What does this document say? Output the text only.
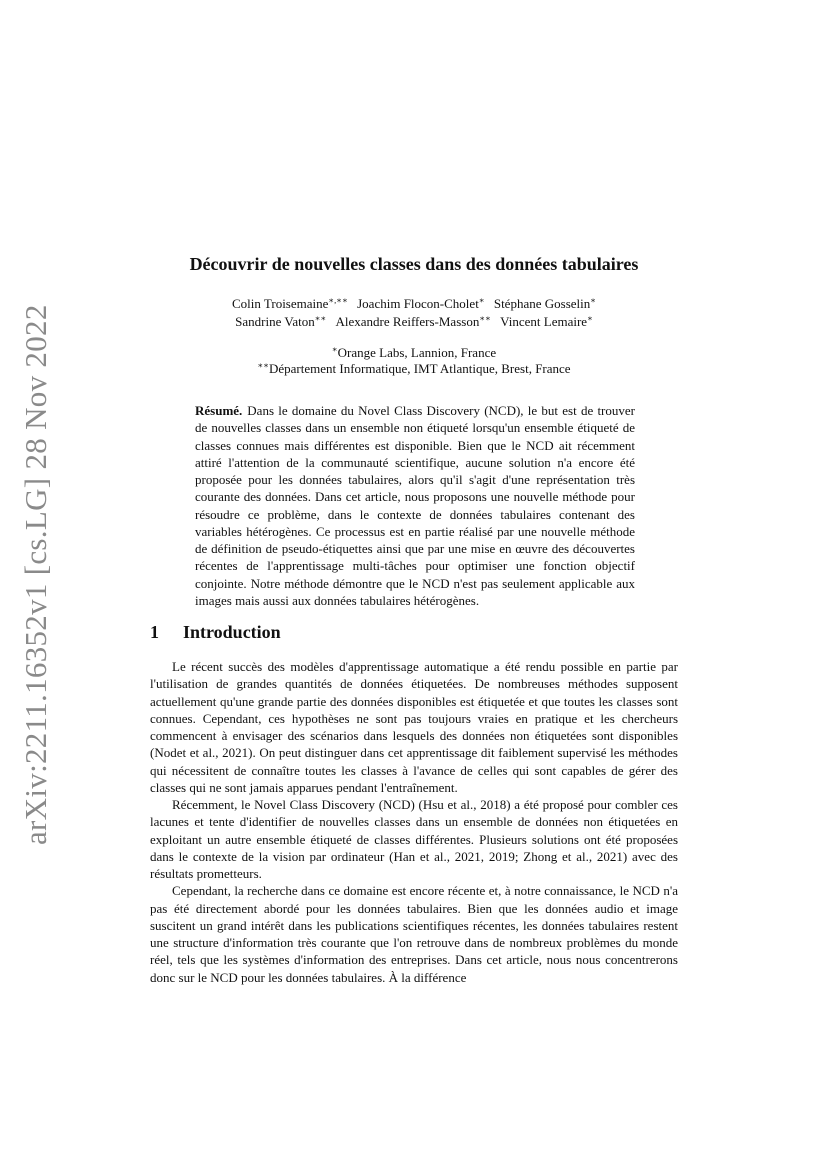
arXiv:2211.16352v1 [cs.LG] 28 Nov 2022
Découvrir de nouvelles classes dans des données tabulaires
Colin Troisemaine∗,∗∗ Joachim Flocon-Cholet∗ Stéphane Gosselin∗
Sandrine Vaton∗∗ Alexandre Reiffers-Masson∗∗ Vincent Lemaire∗
∗Orange Labs, Lannion, France
∗∗Département Informatique, IMT Atlantique, Brest, France
Résumé. Dans le domaine du Novel Class Discovery (NCD), le but est de trouver de nouvelles classes dans un ensemble non étiqueté lorsqu'un ensemble étiqueté de classes connues mais différentes est disponible. Bien que le NCD ait récemment attiré l'attention de la communauté scientifique, aucune solution n'a encore été proposée pour les données tabulaires, alors qu'il s'agit d'une représentation très courante des données. Dans cet article, nous proposons une nouvelle méthode pour résoudre ce problème, dans le contexte de données tabulaires contenant des variables hétérogènes. Ce processus est en partie réalisé par une nouvelle méthode de définition de pseudo-étiquettes ainsi que par une mise en œuvre des découvertes récentes de l'apprentissage multi-tâches pour optimiser une fonction objectif conjointe. Notre méthode démontre que le NCD n'est pas seulement applicable aux images mais aussi aux données tabulaires hétérogènes.
1 Introduction

Le récent succès des modèles d'apprentissage automatique a été rendu possible en partie par l'utilisation de grandes quantités de données étiquetées. De nombreuses méthodes supposent actuellement qu'une grande partie des données disponibles est étiquetée et que toutes les classes sont connues. Cependant, ces hypothèses ne sont pas toujours vraies en pratique et les chercheurs commencent à envisager des scénarios dans lesquels des données non étiquetées sont disponibles (Nodet et al., 2021). On peut distinguer dans cet apprentissage dit faiblement supervisé les méthodes qui nécessitent de connaître toutes les classes à l'avance de celles qui sont capables de gérer des classes qui ne sont jamais apparues pendant l'entraînement.

Récemment, le Novel Class Discovery (NCD) (Hsu et al., 2018) a été proposé pour combler ces lacunes et tente d'identifier de nouvelles classes dans un ensemble de données non étiquetées en exploitant un autre ensemble étiqueté de classes différentes. Plusieurs solutions ont été proposées dans le contexte de la vision par ordinateur (Han et al., 2021, 2019; Zhong et al., 2021) avec des résultats prometteurs.

Cependant, la recherche dans ce domaine est encore récente et, à notre connaissance, le NCD n'a pas été directement abordé pour les données tabulaires. Bien que les données audio et image suscitent un grand intérêt dans les publications scientifiques récentes, les données tabulaires restent une structure d'information très courante que l'on retrouve dans de nombreux problèmes du monde réel, tels que les systèmes d'information des entreprises. Dans cet article, nous nous concentrerons donc sur le NCD pour les données tabulaires. À la différence
